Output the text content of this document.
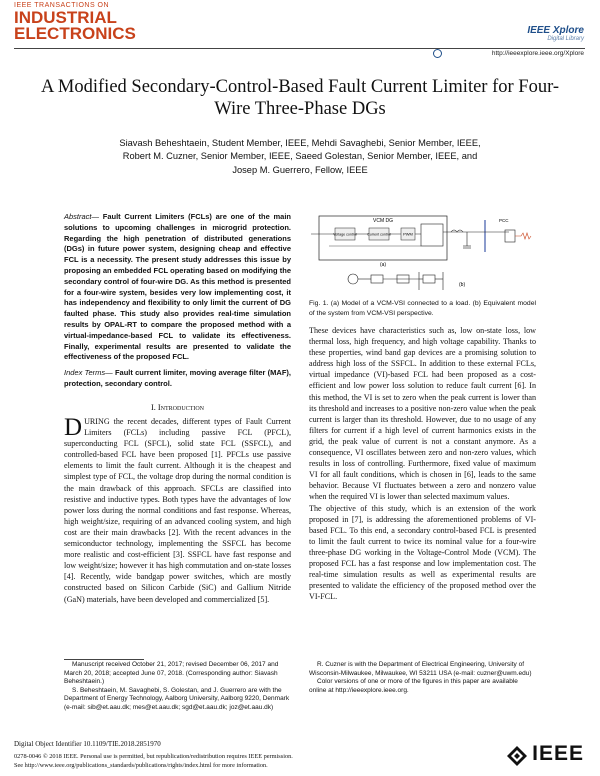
IEEE TRANSACTIONS ON
INDUSTRIAL
ELECTRONICS	IEEE Xplore
Digital Library
http://ieeexplore.ieee.org/Xplore
A Modified Secondary-Control-Based Fault Current Limiter for Four-Wire Three-Phase DGs
Siavash Beheshtaein, Student Member, IEEE, Mehdi Savaghebi, Senior Member, IEEE,
Robert M. Cuzner, Senior Member, IEEE, Saeed Golestan, Senior Member, IEEE, and
Josep M. Guerrero, Fellow, IEEE
Abstract— Fault Current Limiters (FCLs) are one of the main solutions to upcoming challenges in microgrid protection. Regarding the high penetration of distributed generations (DGs) in future power system, designing cheap and effective FCL is a necessity. The present study addresses this issue by proposing an embedded FCL operating based on modifying the secondary control of four-wire DG. As this method is presented for a four-wire system, besides very low implementing cost, it has independency and flexibility to only limit the current of DG faulted phase. This study also provides real-time simulation results by OPAL-RT to compare the proposed method with a virtual-impedance-based FCL to validate its effectiveness. Finally, experimental results are presented to validate the effectiveness of the proposed FCL.
Index Terms— Fault current limiter, moving average filter (MAF), protection, secondary control.
I. Introduction
D URING the recent decades, different types of Fault Current Limiters (FCLs) including passive FCL (PFCL), superconducting FCL (SFCL), solid state FCL (SSFCL), and controlled-based FCL have been proposed [1]. PFCLs use passive elements to limit the fault current. Although it is the cheapest and simplest type of FCL, the voltage drop during the normal condition is the main drawback of this approach. SFCLs are classified into resistive and inductive types. Both types have the advantages of low power loss during the normal conditions and fast response. Whereas, high weight/size, requiring of an advanced cooling system, and high cost are their main drawbacks [2]. With the recent advances in the semiconductor technology, implementing the SSFCL has become more realistic and cost-efficient [3]. SSFCL have fast response and low weight/size; however it has high commutation and on-state losses [4]. Recently, wide bandgap power switches, which are mostly constructed based on Silicon Carbide (SiC) and Gallium Nitride (GaN) materials, have been developed and commercialized [5].
VCM DG
Voltage control	Current control	PWM
PCC
(a)
(b)
Fig. 1. (a) Model of a VCM-VSI connected to a load. (b) Equivalent model of the system from VCM-VSI perspective.
These devices have characteristics such as, low on-state loss, low thermal loss, high frequency, and high voltage capability. Thanks to these properties, wind band gap devices are a promising solution to address high loss of the SSFCL. In addition to these external FCLs, virtual impedance (VI)-based FCL had been proposed as a cost-efficient and low power loss solution to reduce fault current [6]. In this method, the VI is set to zero when the peak current is lower than its threshold and increases to a positive non-zero value when the peak current is larger than its threshold. However, due to no usage of any filters for current if a high level of current harmonics exists in the grid, the peak value of current is not a constant anymore. As a consequence, VI oscillates between zero and non-zero values, which results in loss of controlling. Furthermore, fixed value of maximum VI for all fault conditions, which is chosen in [6], leads to the same behavior. Because VI fluctuates between a zero and nonzero value when the required VI is lower than selected maximum values.
The objective of this study, which is an extension of the work proposed in [7], is addressing the aforementioned problems of VI-based FCL. To this end, a secondary control-based FCL is presented to limit the fault current to twice its nominal value for a four-wire three-phase DG working in the Voltage-Control Mode (VCM). The proposed FCL has a fast response and low implementation cost. The real-time simulation results as well as experimental results are presented to validate the efficiency of the proposed method over the VI-FCL.
Manuscript received October 21, 2017; revised December 06, 2017 and March 20, 2018; accepted June 07, 2018. (Corresponding author: Siavash Beheshtaein.)
S. Beheshtaein, M. Savaghebi, S. Golestan, and J. Guerrero are with the Department of Energy Technology, Aalborg University, Aalborg 9220, Denmark (e-mail: sib@et.aau.dk; mes@et.aau.dk; sgd@et.aau.dk; joz@et.aau.dk)
R. Cuzner is with the Department of Electrical Engineering, University of Wisconsin-Milwaukee, Milwaukee, WI 53211 USA (e-mail: cuzner@uwm.edu)
Color versions of one or more of the figures in this paper are available online at http://ieeexplore.ieee.org.
Digital Object Identifier 10.1109/TIE.2018.2851970
0278-0046 © 2018 IEEE. Personal use is permitted, but republication/redistribution requires IEEE permission.
See http://www.ieee.org/publications_standards/publications/rights/index.html for more information.
IEEE
